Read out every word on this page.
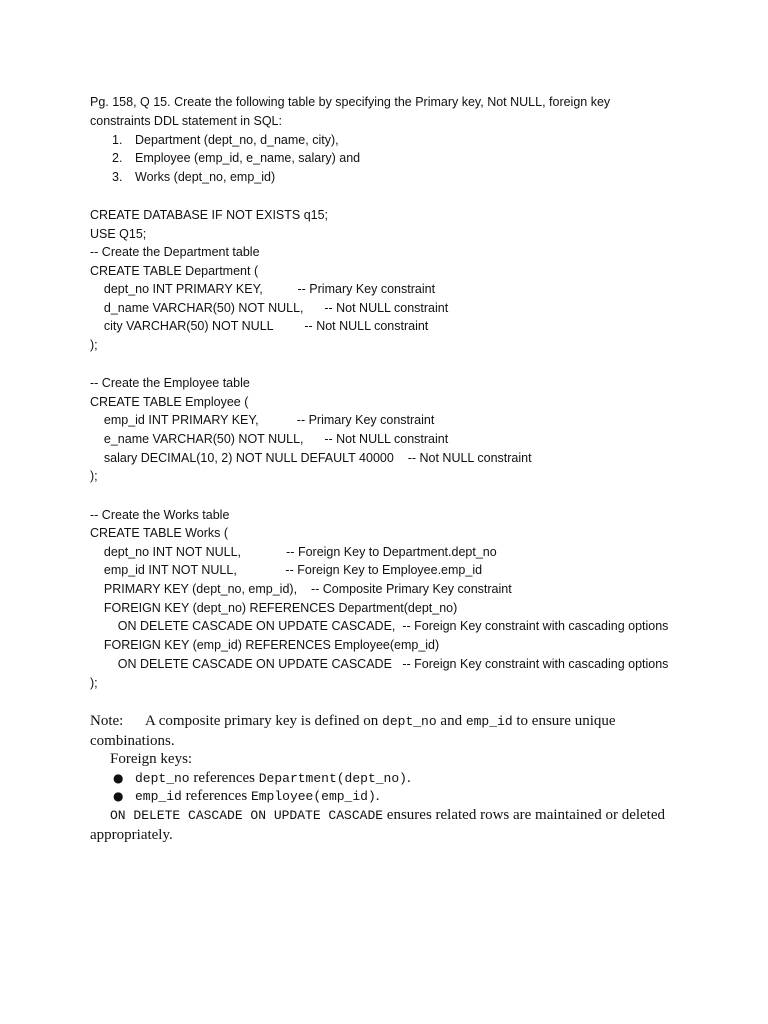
Pg. 158, Q 15. Create the following table by specifying the Primary key, Not NULL, foreign key
constraints DDL statement in SQL:
1. Department (dept_no, d_name, city),
2. Employee (emp_id, e_name, salary) and
3. Works (dept_no, emp_id)
CREATE DATABASE IF NOT EXISTS q15;
USE Q15;
-- Create the Department table
CREATE TABLE Department (
dept_no INT PRIMARY KEY,          -- Primary Key constraint
d_name VARCHAR(50) NOT NULL,      -- Not NULL constraint
city VARCHAR(50) NOT NULL         -- Not NULL constraint
);
-- Create the Employee table
CREATE TABLE Employee (
emp_id INT PRIMARY KEY,           -- Primary Key constraint
e_name VARCHAR(50) NOT NULL,      -- Not NULL constraint
salary DECIMAL(10, 2) NOT NULL DEFAULT 40000    -- Not NULL constraint
);
-- Create the Works table
CREATE TABLE Works (
dept_no INT NOT NULL,             -- Foreign Key to Department.dept_no
emp_id INT NOT NULL,              -- Foreign Key to Employee.emp_id
PRIMARY KEY (dept_no, emp_id),    -- Composite Primary Key constraint
FOREIGN KEY (dept_no) REFERENCES Department(dept_no)
ON DELETE CASCADE ON UPDATE CASCADE,  -- Foreign Key constraint with cascading options
FOREIGN KEY (emp_id) REFERENCES Employee(emp_id)
ON DELETE CASCADE ON UPDATE CASCADE   -- Foreign Key constraint with cascading options
);
Note: A composite primary key is defined on dept_no and emp_id to ensure unique
combinations.
Foreign keys:
● dept_no references Department(dept_no).
● emp_id references Employee(emp_id).
ON DELETE CASCADE ON UPDATE CASCADE ensures related rows are maintained or deleted
appropriately.
